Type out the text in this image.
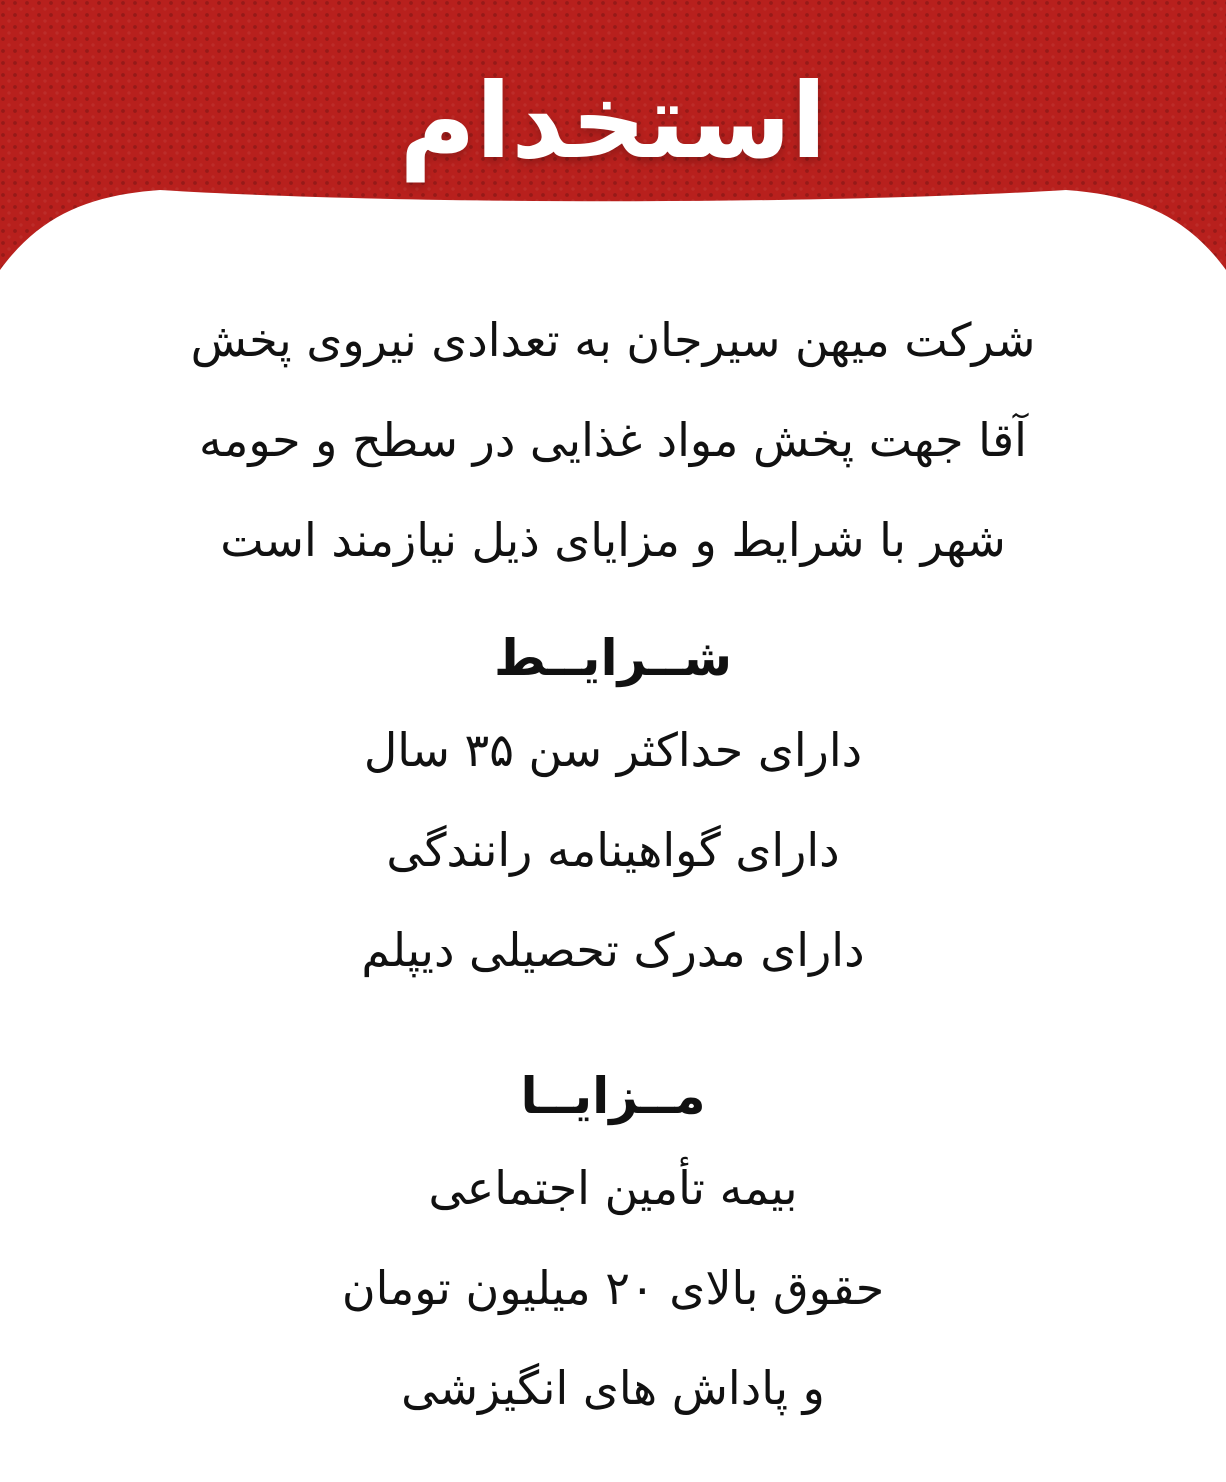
استخدام
شرکت میهن سیرجان به تعدادی نیروی پخش
آقا جهت پخش مواد غذایی در سطح و حومه
شهر با شرایط و مزایای ذیل نیازمند است
شــرایــط
دارای حداکثر سن ۳۵ سال
دارای گواهینامه رانندگی
دارای مدرک تحصیلی دیپلم
مــزایــا
بیمه تأمین اجتماعی
حقوق بالای ۲۰ میلیون تومان
و پاداش های انگیزشی
